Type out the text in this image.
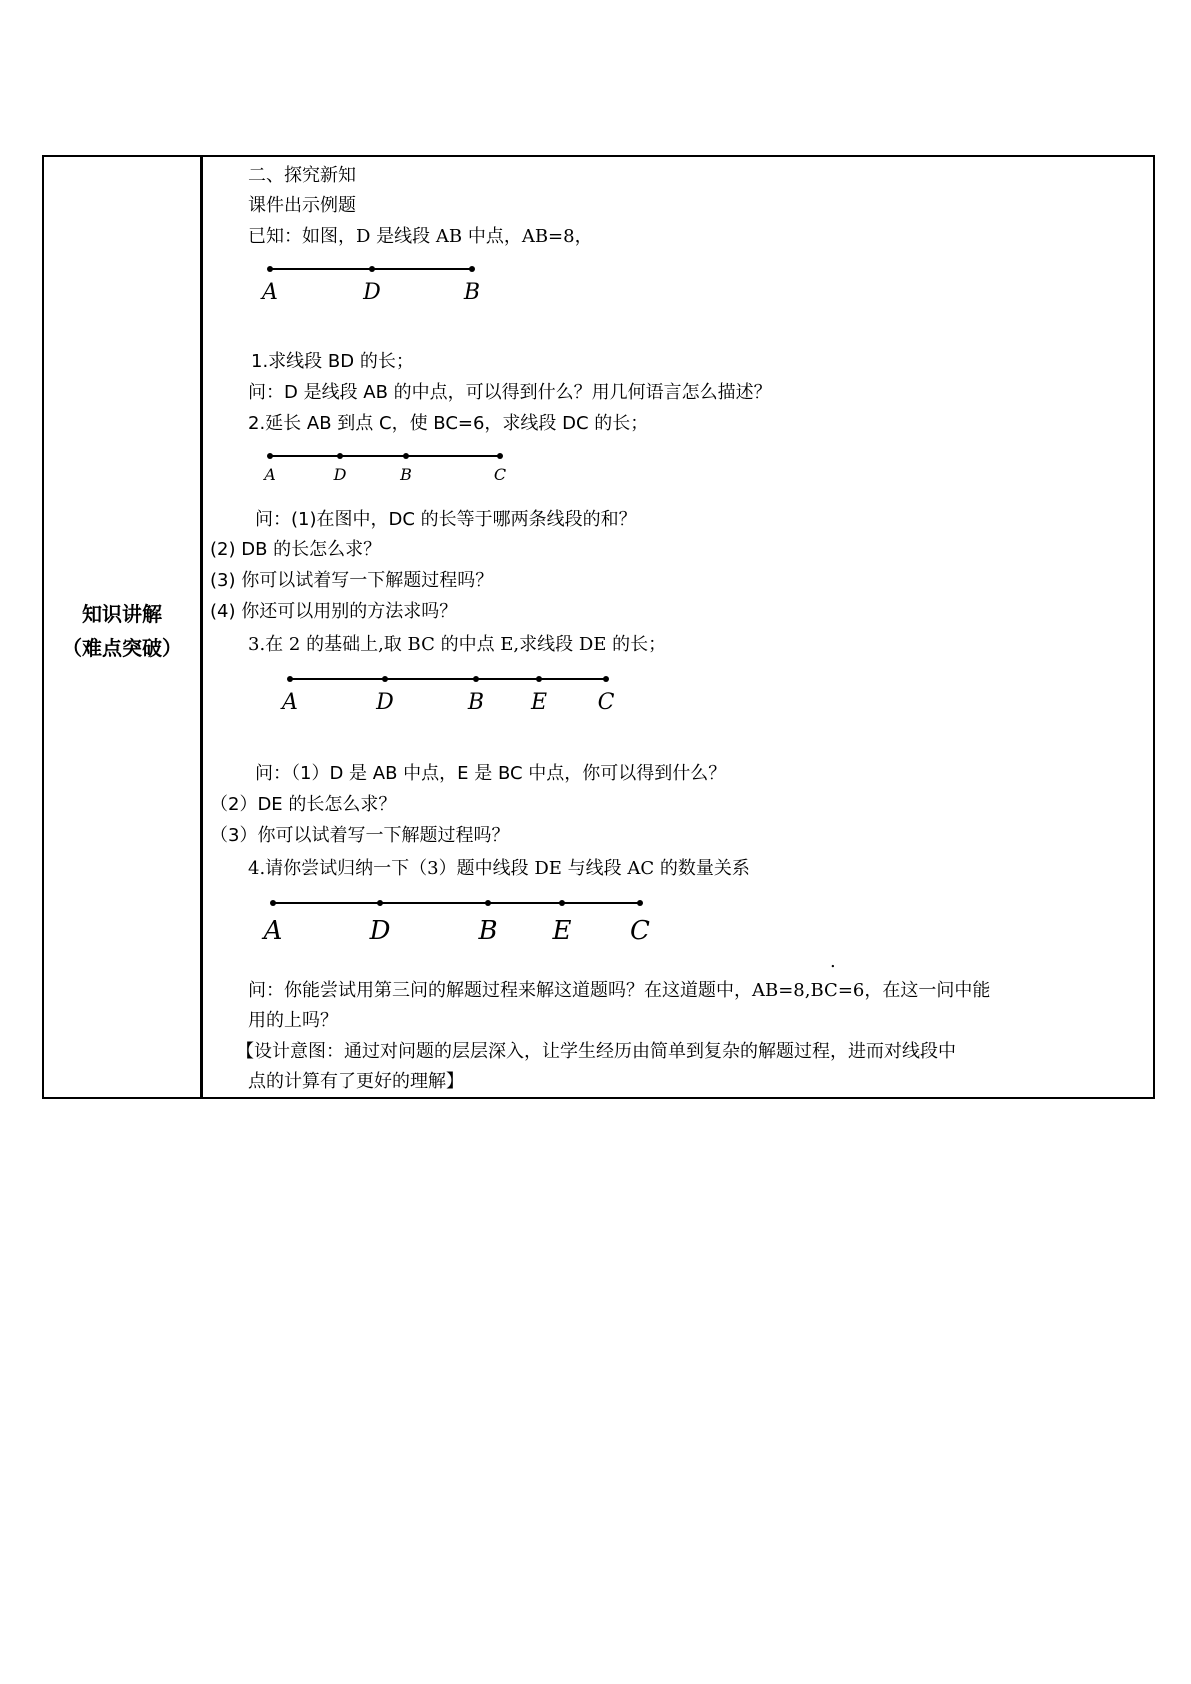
知识讲解
（难点突破）
二、探究新知
课件出示例题
已知：如图，D 是线段 AB 中点，AB=8，
A	D	B
1.求线段 BD 的长；
问：D 是线段 AB 的中点，可以得到什么？用几何语言怎么描述？
2.延长 AB 到点 C，使 BC=6，求线段 DC 的长；
A	D	B	C
问：(1)在图中，DC 的长等于哪两条线段的和？
(2) DB 的长怎么求？
(3) 你可以试着写一下解题过程吗？
(4) 你还可以用别的方法求吗？
3.在 2 的基础上,取 BC 的中点 E,求线段 DE 的长；
A	D	B E C
问：（1）D 是 AB 中点，E 是 BC 中点，你可以得到什么？
（2）DE 的长怎么求？
（3）你可以试着写一下解题过程吗？
4.请你尝试归纳一下（3）题中线段 DE 与线段 AC 的数量关系
A	D	B E C
.
问：你能尝试用第三问的解题过程来解这道题吗？在这道题中，AB=8,BC=6，在这一问中能
用的上吗？
【设计意图：通过对问题的层层深入，让学生经历由简单到复杂的解题过程，进而对线段中
点的计算有了更好的理解】
